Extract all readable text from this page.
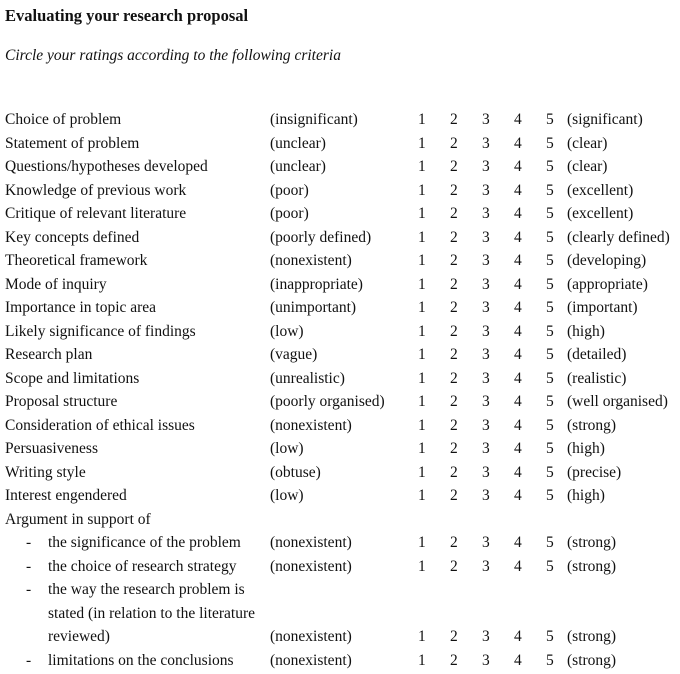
Evaluating your research proposal
Circle your ratings according to the following criteria
Choice of problem	(insignificant)	1 2 3 4 5 (significant)
Statement of problem	(unclear)	1 2 3 4 5 (clear)
Questions/hypotheses developed	(unclear)	1 2 3 4 5 (clear)
Knowledge of previous work	(poor)	1 2 3 4 5 (excellent)
Critique of relevant literature	(poor)	1 2 3 4 5 (excellent)
Key concepts defined	(poorly defined)	1 2 3 4 5 (clearly defined)
Theoretical framework	(nonexistent)	1 2 3 4 5 (developing)
Mode of inquiry	(inappropriate)	1 2 3 4 5 (appropriate)
Importance in topic area	(unimportant)	1 2 3 4 5 (important)
Likely significance of findings	(low)	1 2 3 4 5 (high)
Research plan	(vague)	1 2 3 4 5 (detailed)
Scope and limitations	(unrealistic)	1 2 3 4 5 (realistic)
Proposal structure	(poorly organised) 1 2 3 4 5 (well organised)
Consideration of ethical issues	(nonexistent)	1 2 3 4 5 (strong)
Persuasiveness	(low)	1 2 3 4 5 (high)
Writing style	(obtuse)	1 2 3 4 5 (precise)
Interest engendered	(low)	1 2 3 4 5 (high)
Argument in support of
- the significance of the problem (nonexistent)	1 2 3 4 5 (strong)
- the choice of research strategy (nonexistent)	1 2 3 4 5 (strong)
- the way the research problem is
stated (in relation to the literature
reviewed)	(nonexistent)	1 2 3 4 5 (strong)
- limitations on the conclusions (nonexistent)	1 2 3 4 5 (strong)
